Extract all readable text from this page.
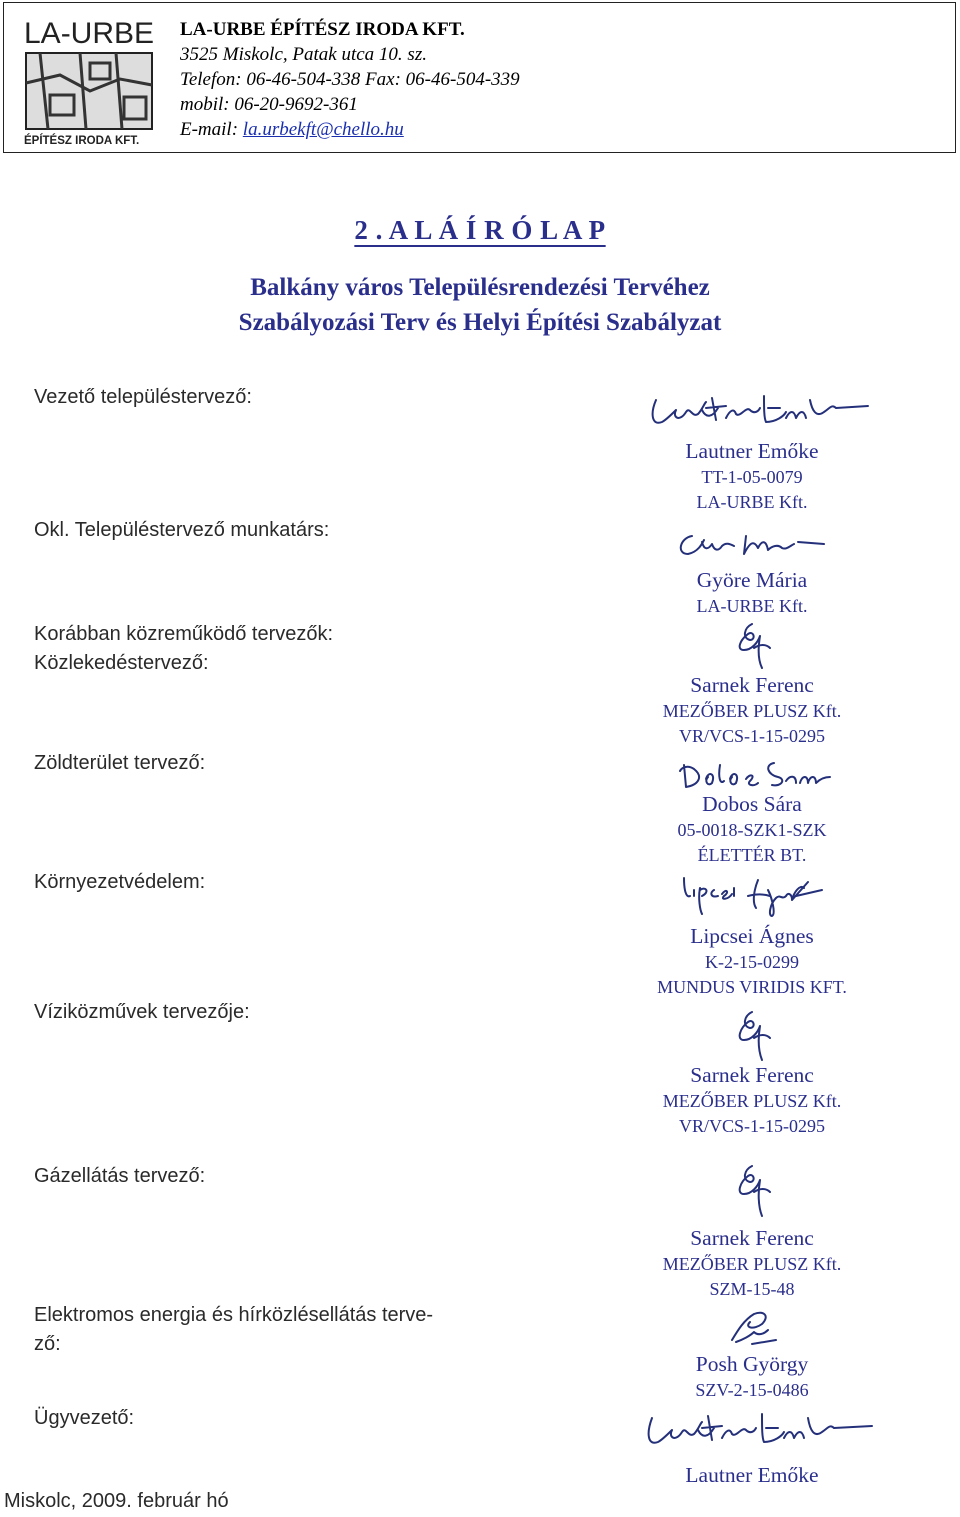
LA-URBE
ÉPÍTÉSZ IRODA KFT.
LA-URBE ÉPÍTÉSZ IRODA KFT.
3525 Miskolc, Patak utca 10. sz.
Telefon: 06-46-504-338 Fax: 06-46-504-339
mobil: 06-20-9692-361
E-mail: la.urbekft@chello.hu
2 . A L Á Í R Ó L A P
Balkány város Településrendezési Tervéhez
Szabályozási Terv és Helyi Építési Szabályzat
Vezető településtervező:
Okl. Településtervező munkatárs:
Korábban közreműködő tervezők:
Közlekedéstervező:
Zöldterület tervező:
Környezetvédelem:
Víziközművek tervezője:
Gázellátás tervező:
Elektromos energia és hírközlésellátás terve-
ző:
Ügyvezető:
Lautner Emőke
TT-1-05-0079
LA-URBE Kft.
Györe Mária
LA-URBE Kft.
Sarnek Ferenc
MEZŐBER PLUSZ Kft.
VR/VCS-1-15-0295
Dobos Sára
05-0018-SZK1-SZK
ÉLETTÉR BT.
Lipcsei Ágnes
K-2-15-0299
MUNDUS VIRIDIS KFT.
Sarnek Ferenc
MEZŐBER PLUSZ Kft.
VR/VCS-1-15-0295
Sarnek Ferenc
MEZŐBER PLUSZ Kft.
SZM-15-48
Posh György
SZV-2-15-0486
Lautner Emőke
Miskolc, 2009. február hó
